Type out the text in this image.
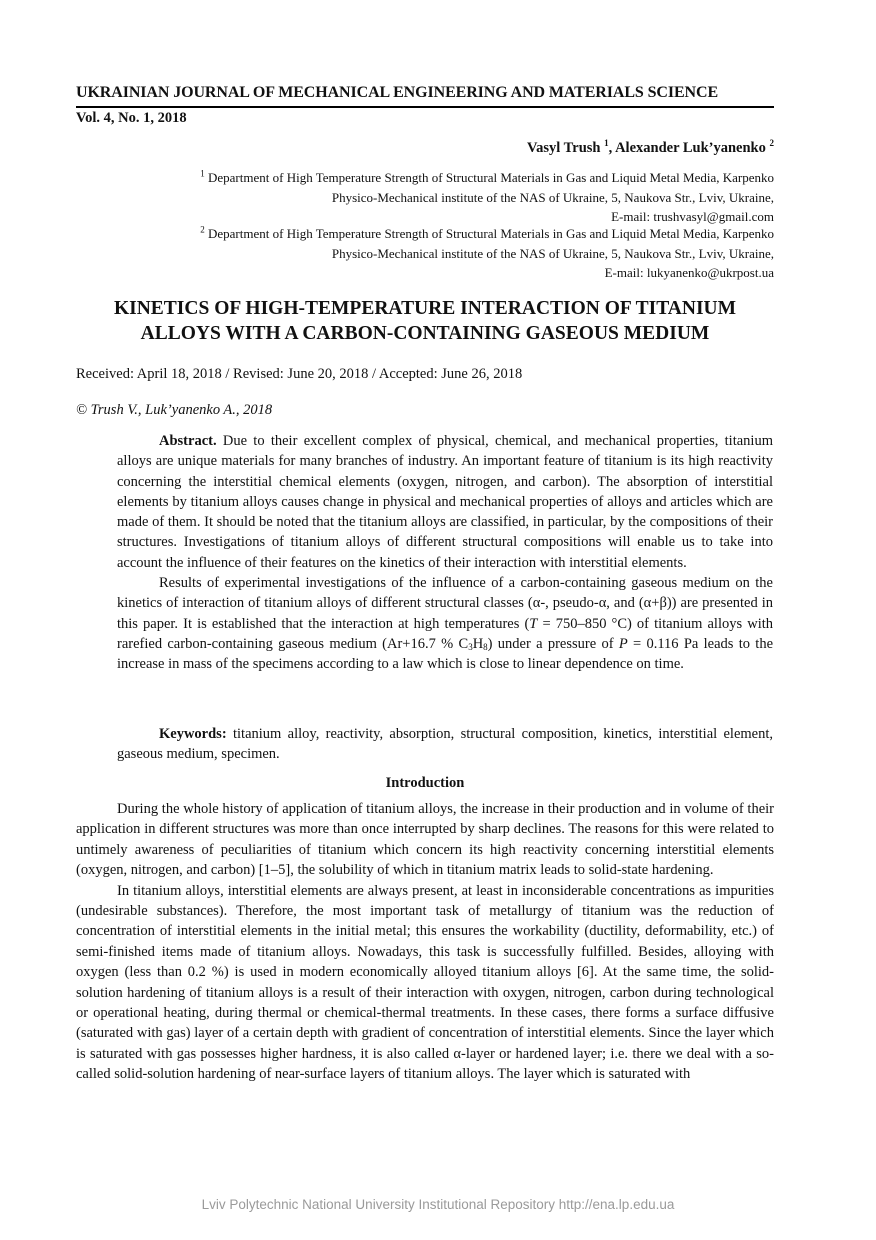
UKRAINIAN JOURNAL OF MECHANICAL ENGINEERING AND MATERIALS SCIENCE
Vol. 4, No. 1, 2018
Vasyl Trush $^1$, Alexander Luk’yanenko $^2$
$^1$ Department of High Temperature Strength of Structural Materials in Gas and Liquid Metal Media, Karpenko
Physico-Mechanical institute of the NAS of Ukraine, 5, Naukova Str., Lviv, Ukraine,
E-mail: trushvasyl@gmail.com
$^2$ Department of High Temperature Strength of Structural Materials in Gas and Liquid Metal Media, Karpenko
Physico-Mechanical institute of the NAS of Ukraine, 5, Naukova Str., Lviv, Ukraine,
E-mail: lukyanenko@ukrpost.ua
KINETICS OF HIGH-TEMPERATURE INTERACTION OF TITANIUM
ALLOYS WITH A CARBON-CONTAINING GASEOUS MEDIUM
Received: April 18, 2018 / Revised: June 20, 2018 / Accepted: June 26, 2018
© Trush V., Luk’yanenko A., 2018

Abstract. Due to their excellent complex of physical, chemical, and mechanical properties, titanium alloys are unique materials for many branches of industry. An important feature of titanium is its high reactivity concerning the interstitial chemical elements (oxygen, nitrogen, and carbon). The absorption of interstitial elements by titanium alloys causes change in physical and mechanical properties of alloys and articles which are made of them. It should be noted that the titanium alloys are classified, in particular, by the compositions of their structures. Investigations of titanium alloys of different structural compositions will enable us to take into account the influence of their features on the kinetics of their interaction with interstitial elements.

Results of experimental investigations of the influence of a carbon-containing gaseous medium on the kinetics of interaction of titanium alloys of different structural classes (α-, pseudo-α, and (α+β)) are presented in this paper. It is established that the interaction at high temperatures (T = 750–850 °C) of titanium alloys with rarefied carbon-containing gaseous medium (Ar+16.7 % $C_3H_8$) under a pressure of P = 0.116 Pa leads to the increase in mass of the specimens according to a law which is close to linear dependence on time.

Keywords: titanium alloy, reactivity, absorption, structural composition, kinetics, interstitial element, gaseous medium, specimen.
Introduction

During the whole history of application of titanium alloys, the increase in their production and in volume of their application in different structures was more than once interrupted by sharp declines. The reasons for this were related to untimely awareness of peculiarities of titanium which concern its high reactivity concerning interstitial elements (oxygen, nitrogen, and carbon) [1–5], the solubility of which in titanium matrix leads to solid-state hardening.

In titanium alloys, interstitial elements are always present, at least in inconsiderable concentrations as impurities (undesirable substances). Therefore, the most important task of metallurgy of titanium was the reduction of concentration of interstitial elements in the initial metal; this ensures the workability (ductility, deformability, etc.) of semi-finished items made of titanium alloys. Nowadays, this task is successfully fulfilled. Besides, alloying with oxygen (less than 0.2 %) is used in modern economically alloyed titanium alloys [6]. At the same time, the solid-solution hardening of titanium alloys is a result of their interaction with oxygen, nitrogen, carbon during technological or operational heating, during thermal or chemical-thermal treatments. In these cases, there forms a surface diffusive (saturated with gas) layer of a certain depth with gradient of concentration of interstitial elements. Since the layer which is saturated with gas possesses higher hardness, it is also called α-layer or hardened layer; i.e. there we deal with a so-called solid-solution hardening of near-surface layers of titanium alloys. The layer which is saturated with

Lviv Polytechnic National University Institutional Repository http://ena.lp.edu.ua
